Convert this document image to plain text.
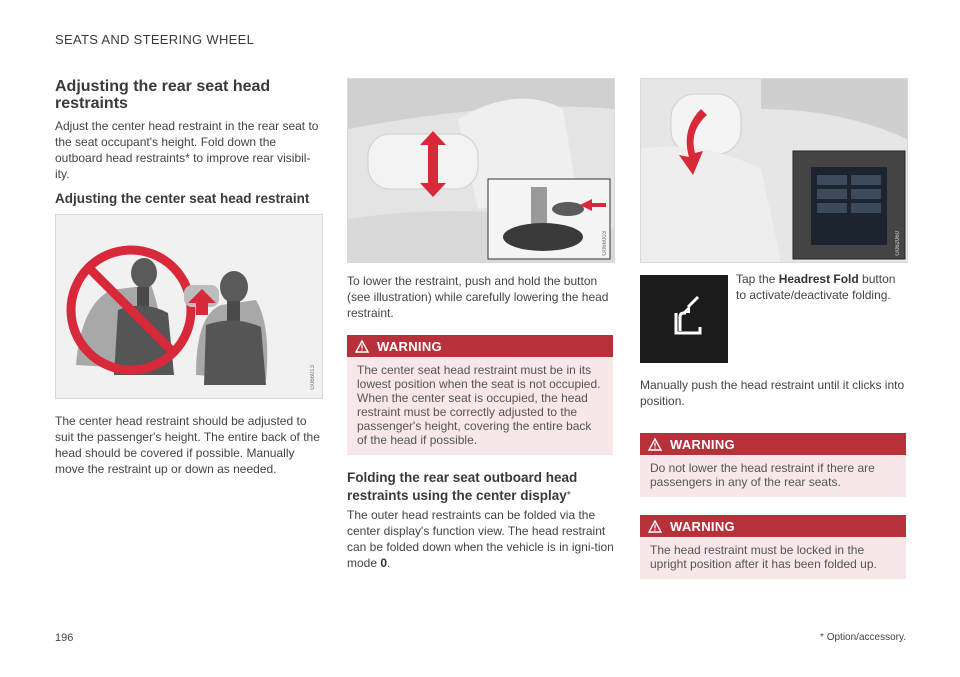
SEATS AND STEERING WHEEL
Adjusting the rear seat head restraints

Adjust the center head restraint in the rear seat to the seat occupant's height. Fold down the outboard head restraints* to improve rear visibil-ity.

Adjusting the center seat head restraint
G066013

The center head restraint should be adjusted to suit the passenger's height. The entire back of the head should be covered if possible. Manually move the restraint up or down as needed.

G066003

To lower the restraint, push and hold the button (see illustration) while carefully lowering the head restraint.

WARNING
The center seat head restraint must be in its lowest position when the seat is not occupied. When the center seat is occupied, the head restraint must be correctly adjusted to the passenger's height, covering the entire back of the head if possible.
Folding the rear seat outboard head restraints using the center display*

The outer head restraints can be folded via the center display's function view. The head restraint can be folded down when the vehicle is in igni-tion mode 0.

G062060

Tap the Headrest Fold button to activate/deactivate folding.

Manually push the head restraint until it clicks into position.

WARNING
Do not lower the head restraint if there are passengers in any of the rear seats.
WARNING
The head restraint must be locked in the upright position after it has been folded up.
196	* Option/accessory.
